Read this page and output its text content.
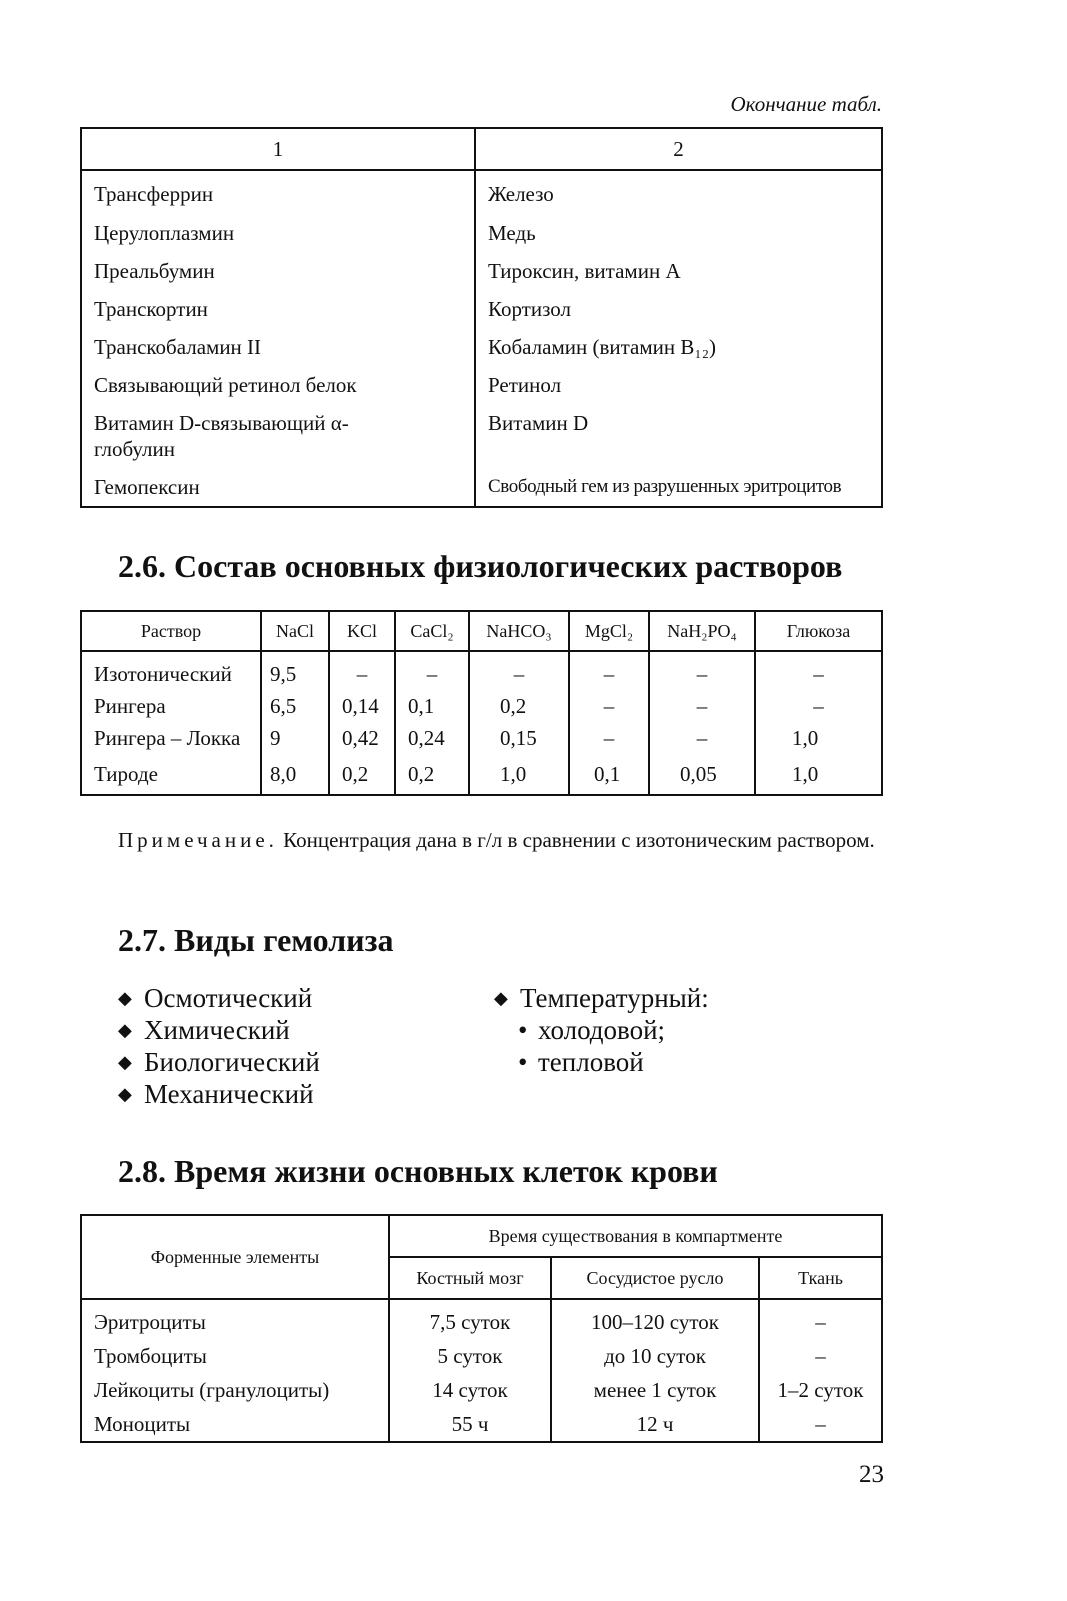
Окончание табл.
1	2
Трансферрин	Железо
Церулоплазмин	Медь
Преальбумин	Тироксин, витамин А
Транскортин	Кортизол
Транскобаламин II	Кобаламин (витамин B₁₂)
Связывающий ретинол белок	Ретинол
Витамин D-связывающий α-глобулин	Витамин D
Гемопексин	Свободный гем из разрушенных эритроцитов
2.6. Состав основных физиологических растворов
Раствор	NaCl	KCl	CaCl₂	NaHCO₃	MgCl₂	NaH₂PO₄	Глюкоза
Изотонический	9,5	–	–	–	–	–	–
Рингера	6,5	0,14	0,1	0,2	–	–	–
Рингера – Локка	9	0,42	0,24	0,15	–	–	1,0
Тироде	8,0	0,2	0,2	1,0	0,1	0,05	1,0
Примечание. Концентрация дана в г/л в сравнении с изотоническим раствором.
2.7. Виды гемолиза
◆ Осмотический
◆ Химический
◆ Биологический
◆ Механический
◆ Температурный:
• холодовой;
• тепловой
2.8. Время жизни основных клеток крови
Форменные элементы	Время существования в компартменте		
	Костный мозг	Сосудистое русло	Ткань
Эритроциты	7,5 суток	100–120 суток	–
Тромбоциты	5 суток	до 10 суток	–
Лейкоциты (гранулоциты)	14 суток	менее 1 суток	1–2 суток
Моноциты	55 ч	12 ч	–
23
